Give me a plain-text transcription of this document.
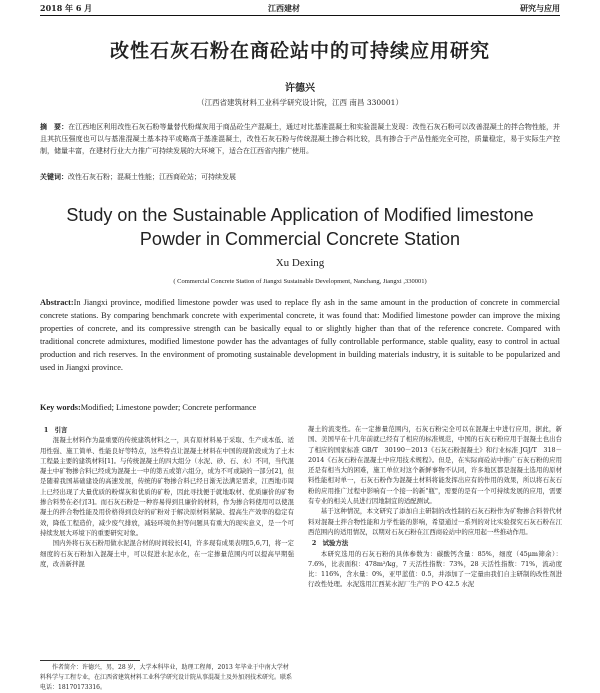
2018 年 6 月	江西建材	研究与应用
改性石灰石粉在商砼站中的可持续应用研究
许德兴
（江西省建筑材料工业科学研究设计院，江西 南昌 330001）
摘　要：在江西地区利用改性石灰石粉等量替代粉煤灰用于商品砼生产混凝土，通过对比基准混凝土和实验混凝土发现：改性石灰石粉可以改善混凝土的拌合物性能，并且其抗压强度也可以与基准混凝土基本持平或略高于基准混凝土，改性石灰石粉与传统混凝土掺合料比较，具有掺合于产品性能完全可控，质量稳定，易于实际生产控制，储量丰富，在建材行业大力推广可持续发展的大环境下，适合在江西省内推广使用。
关键词：改性石灰石粉；混凝土性能；江西商砼站；可持续发展
Study on the Sustainable Application of Modified limestone
Powder in Commercial Concrete Station
Xu Dexing
( Commercial Concrete Station of Jiangxi Sustainable Development, Nanchang, Jiangxi ,330001)
Abstract:In Jiangxi province, modified limestone powder was used to replace fly ash in the same amount in the production of concrete in commercial concrete stations. By comparing benchmark concrete with experimental concrete, it was found that: Modified limestone powder can improve the mixing properties of concrete, and its compressive strength can be basically equal to or slightly higher than that of the reference concrete. Compared with traditional concrete admixtures, modified limestone powder has the advantages of fully controllable performance, stable quality, easy to control in actual production and rich reserves. In the environment of promoting sustainable development in building materials industry, it is suitable to be popularized and used in Jiangxi province.
Key words:Modified; Limestone powder; Concrete performance

1　引言

混凝土材料作为最重要的传统建筑材料之一，具有原材料易于采取、生产成本低、适用性强、施工简单、性能良好等特点，这些特点让混凝土材料在中国的现阶段成为了土木工程最主要的建筑材料[1]。与传统混凝土的四大组分（水泥、砂、石、水）不同，当代混凝土中矿物掺合料已经成为混凝土一中的第五或第六组分，成为不可或缺的一部分[2]，但是随着我国基础建设的高速发展，传统的矿物掺合料已经日渐无法满足需求，江西地市周上已经出现了大量优质的粉煤灰和优质的矿粉，因此寻找便于就地取材、优质廉价的矿物掺合料势在必行[3]。而石灰石粉是一种容易得到且廉价的材料，作为掺合料使用可以使混凝土的拌合物性能及用价格得到良好的矿粉对于解决原材料紧缺、提高生产效率的稳定有效，降低工程造价，减少废气排放，减轻环境负担等问题具有重大的现实意义，是一个可持续发展大环境下的重要研究对象。

国内外将石灰石粉用做水泥混合材的时间较长[4]，许多现有成果表明[5,6,7]，将一定细度的石灰石粉加入混凝土中，可以促进水泥水化，在一定掺量范围内可以提高早期强度，改善新拌混

凝土的流变性。在一定掺量范围内，石灰石粉完全可以在混凝土中进行应用，据此，新国、美国早在十几年前就已经有了相应的标准规范，中国的石灰石粉应用于混凝土也出台了相应的国家标准 GB/T　30190－2013《石灰石粉混凝土》和行业标准 JGJ/T　318－2014《石灰石粉在混凝土中应用技术规程》。但是，在实际商砼站中推广石灰石粉的应用还是有相当大的困难，施工单位对这个新鲜事物不认同，许多地区都是混凝土选用的原材料性能相对单一，石灰石粉作为混凝土材料将能发挥出应有的作用的效果，所以将石灰石粉的应用推广过程中影响有一个接一的新"瓶"，需要的是有一个可持续发展的应用，需要有专业的相关人员进行因地制宜的适配测试。

基于这种情况，本文研究了添加自主研制的改性制的石灰石粉作为矿物掺合料替代材料对混凝土拌合物性能和力学性能的影响，希望通过一系列的对比实验探究石灰石粉在江西范围内的适用情况，以期对石灰石粉在江西商砼站中的应用起一些推动作用。

2　试验方法

本研究选用的石灰石粉的具体参数为：碳酸钙含量：85%，细度（45μm筛余）：7.6%，比表面积：478m²/kg，7 天活性指数：73%，28 天活性指数：71%，流动度比：116%，含水量：0%，亚甲蓝值：0.5，并添加了一定量由我们自主研制的改性剂进行改性处理。水泥选用江西某水泥厂生产的 P·O 42.5 水泥

作者简介：许德兴，男，28 岁，大学本科毕业，助理工程师，2013 年毕业于中南大学材料科学与工程专业，在江西省建筑材料工业科学研究设计院从事混凝土及外加剂技术研究。联系电话：18170173316。
